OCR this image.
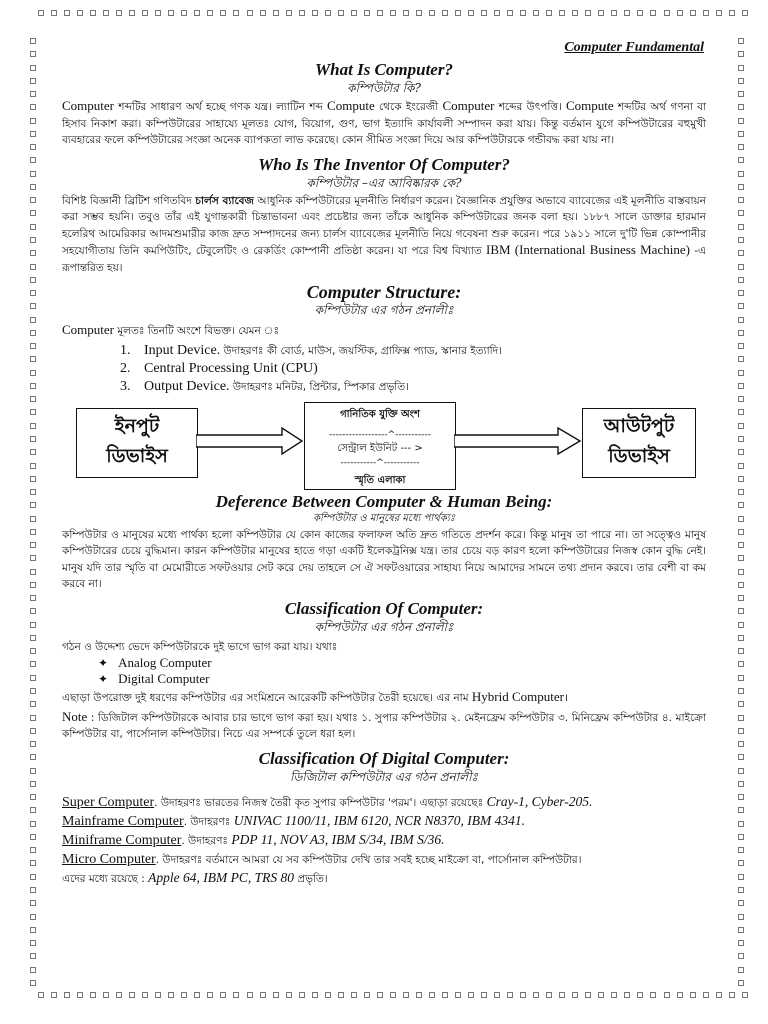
Computer Fundamental
What Is Computer?
কম্পিউটার কি?
Computer শব্দটির সাধারণ অর্থ হচ্ছে গণক যন্ত্র। ল্যাটিন শব্দ Compute থেকে ইংরেজী Computer শব্দের উৎপত্তি। Compute শব্দটির অর্থ গণনা বা হিসাব নিকাশ করা। কম্পিউটারের সাহায্যে মূলতঃ যোগ, বিয়োগ, গুণ, ভাগ ইত্যাদি কার্যাবলী সম্পাদন করা যায়। কিন্তু বর্তমান যুগে কম্পিউটারের বহুমুখী ব্যবহারের ফলে কম্পিউটারের সংজ্ঞা অনেক ব্যাপকতা লাভ করেছে। কোন সীমিত সংজ্ঞা দিয়ে আর কম্পিউটারকে গন্ডীবদ্ধ করা যায় না।
Who Is The Inventor Of Computer?
কম্পিউটার –এর আবিষ্কারক কে?
বিশিষ্ট বিজ্ঞানী ব্রিটিশ গণিতবিদ চার্লস ব্যাবেজ আধুনিক কম্পিউটারের মূলনীতি নির্ধারণ করেন। বৈজ্ঞানিক প্রযুক্তির অভাবে ব্যাবেজের এই মূলনীতি বাস্তবায়ন করা সম্ভব হয়নি। তবুও তাঁর এই যুগান্তকারী চিন্তাভাবনা এবং প্রচেষ্টার জন্য তাঁকে আধুনিক কম্পিউটারের জনক বলা হয়। ১৮৮৭ সালে ডাক্তার হারমান হলেরিথ আমেরিকার আদমশুমারীর কাজ দ্রুত সম্পাদনের জন্য চার্লস ব্যাবেজের মূলনীতি নিয়ে গবেষনা শুরু করেন। পরে ১৯১১ সালে দু'টি ভিন্ন কোম্পানীর সহযোগীতায় তিনি কমপিউটিং, টেবুলেটিং ও রেকর্ডিং কোম্পানী প্রতিষ্ঠা করেন। যা পরে বিশ্ব বিখ্যাত IBM (International Business Machine) -এ রূপান্তরিত হয়।
Computer Structure:
কম্পিউটার এর গঠন প্রনালীঃ
Computer মূলতঃ তিনটি অংশে বিভক্ত। যেমন ঃ
1. Input Device. উদাহরণঃ কী বোর্ড, মাউস, জয়স্টিক, গ্রাফিক্স প্যাড, স্কানার ইত্যাদি।
2. Central Processing Unit (CPU)
3. Output Device. উদাহরণঃ মনিটর, প্রিন্টার, স্পিকার প্রভৃতি।
ইনপুট
ডিভাইস
গানিতিক যুক্তি অংশ
------------------^-----------
সেন্ট্রাল ইউনিট --- >
-----------^-----------
স্মৃতি এলাকা
আউটপুট
ডিভাইস
Deference Between Computer & Human Being:
কম্পিউটার ও মানুষের মধ্যে পার্থক্যঃ
কম্পিউটার ও মানুষের মধ্যে পার্থক্য হলো কম্পিউটার যে কোন কাজের ফলাফল অতি দ্রুত গতিতে প্রদর্শন করে। কিন্তু মানুষ তা পারে না। তা সত্ত্বেও মানুষ কম্পিউটারের চেয়ে বুদ্ধিমান। কারন কম্পিউটার মানুষের হাতে গড়া একটি ইলেকট্রনিক্স যন্ত্র। তার চেয়ে বড় কারণ হলো কম্পিউটারের নিজস্ব কোন বুদ্ধি নেই। মানুষ যদি তার স্মৃতি বা মেমোরীতে সফটওয়ার সেট করে দেয় তাহলে সে ঐ সফটওয়ারের সাহায্য নিয়ে আমাদের সামনে তথ্য প্রদান করবে। তার বেশী বা কম করবে না।
Classification Of Computer:
কম্পিউটার এর গঠন প্রনালীঃ
গঠন ও উদ্দেশ্য ভেদে কম্পিউটারকে দুই ভাগে ভাগ করা যায়। যথাঃ
✦ Analog Computer
✦ Digital Computer
এছাড়া উপরোক্ত দুই ধরণের কম্পিউটার এর সংমিশ্রনে আরেকটি কম্পিউটার তৈরী হয়েছে। এর নাম Hybrid Computer।
Note : ডিজিটাল কম্পিউটারকে আবার চার ভাগে ভাগ করা হয়। যথাঃ ১. সুপার কম্পিউটার ২. মেইনফ্রেম কম্পিউটার ৩. মিনিফ্রেম কম্পিউটার ৪. মাইক্রো কম্পিউটার বা, পার্সোনাল কম্পিউটার। নিচে এর সম্পর্কে তুলে ধরা হল।
Classification Of Digital Computer:
ডিজিটাল কম্পিউটার এর গঠন প্রনালীঃ
Super Computer. উদাহরণঃ ভারতের নিজস্ব তৈরী কৃত সুপার কম্পিউটার 'পরম'। এছাড়া রয়েছেঃ Cray-1, Cyber-205.
Mainframe Computer. উদাহরণঃ UNIVAC 1100/11, IBM 6120, NCR N8370, IBM 4341.
Miniframe Computer. উদাহরণঃ PDP 11, NOV A3, IBM S/34, IBM S/36.
Micro Computer. উদাহরণঃ বর্তমানে আমরা যে সব কম্পিউটার দেখি তার সবই হচ্ছে মাইক্রো বা, পার্সোনাল কম্পিউটার।
এদের মধ্যে রয়েছে : Apple 64, IBM PC, TRS 80 প্রভৃতি।
